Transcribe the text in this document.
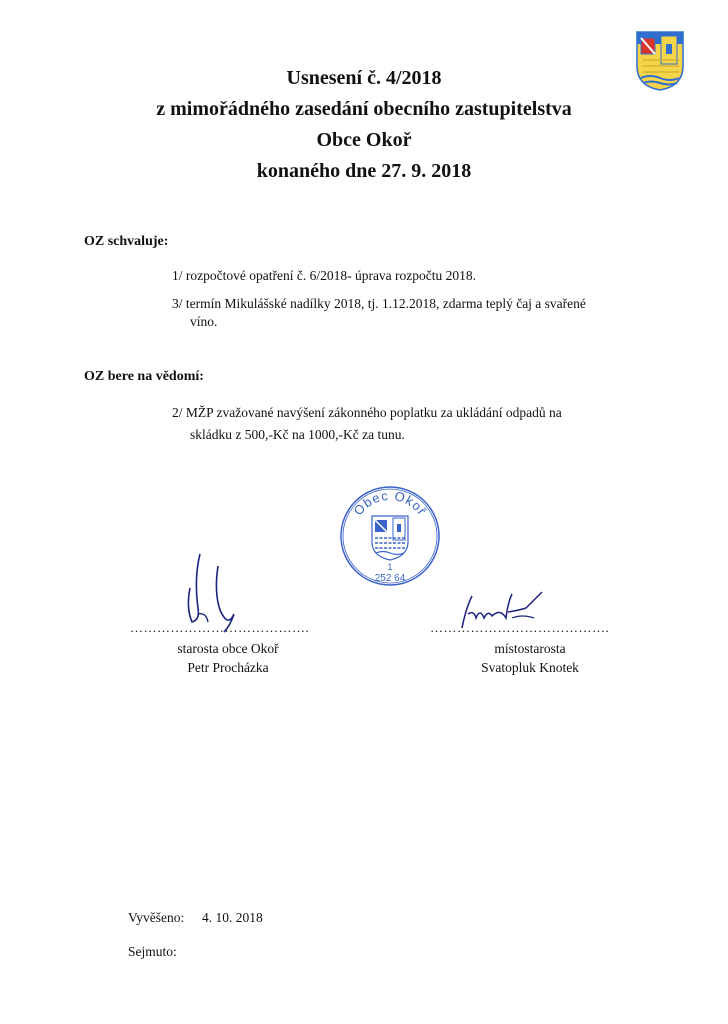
Usnesení č. 4/2018
z mimořádného zasedání obecního zastupitelstva
Obce Okoř
konaného dne 27. 9. 2018
OZ schvaluje:
1/ rozpočtové opatření č. 6/2018- úprava rozpočtu 2018.
3/ termín Mikulášské nadílky 2018, tj. 1.12.2018, zdarma teplý čaj a svařené
víno.
OZ bere na vědomí:
2/ MŽP zvažované navýšení zákonného poplatku za ukládání odpadů na
skládku z 500,-Kč na 1000,-Kč za tunu.
Obec Okoř
1
252 64
………………………………….
starosta obce Okoř
Petr Procházka
………………………………….
místostarosta
Svatopluk Knotek
Vyvěšeno: 4. 10. 2018
Sejmuto:
